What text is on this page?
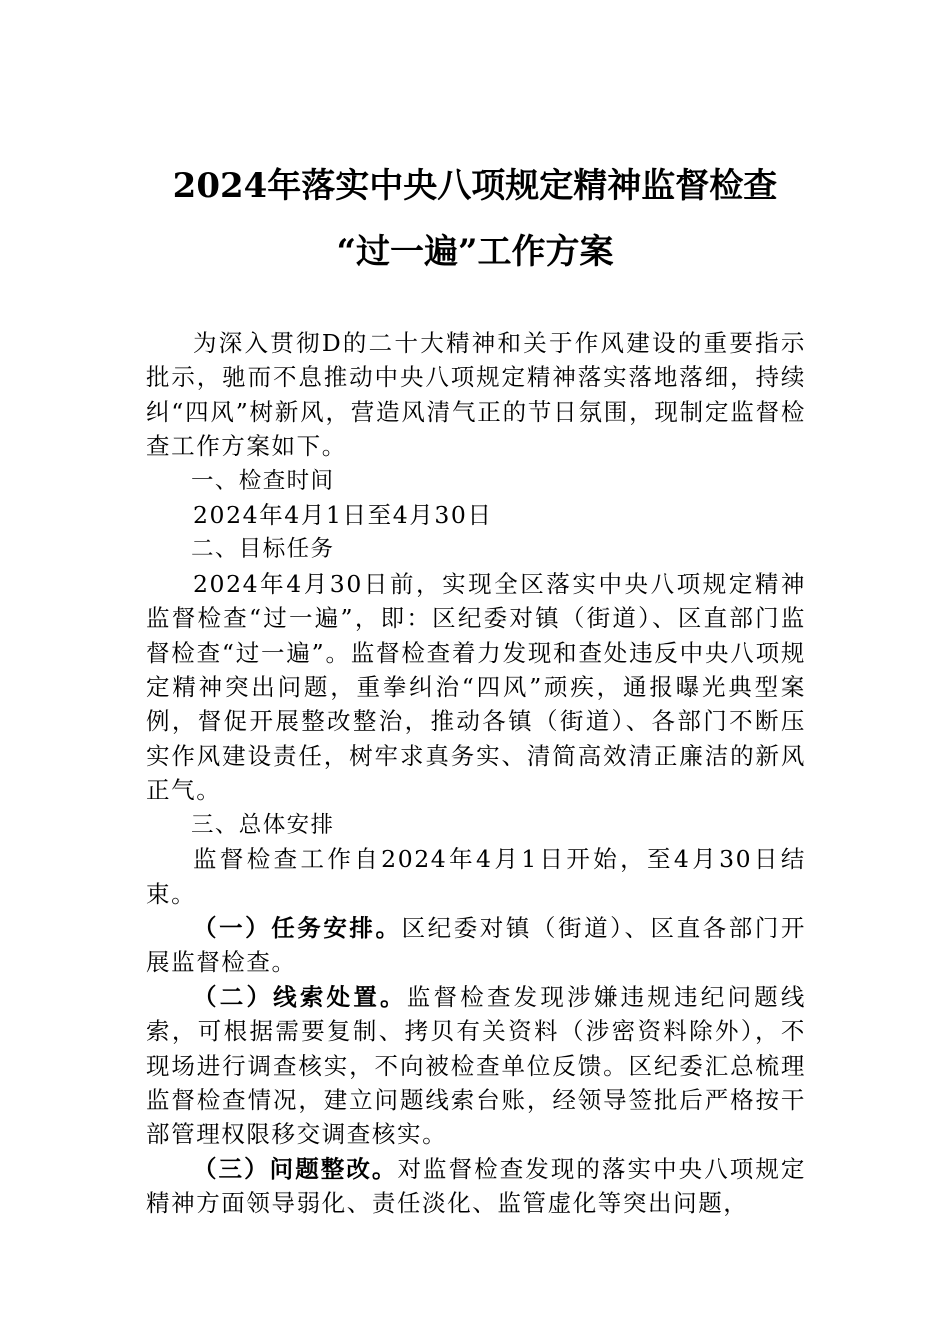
2024年落实中央八项规定精神监督检查
“过一遍”工作方案

为深入贯彻D的二十大精神和关于作风建设的重要指示批示，驰而不息推动中央八项规定精神落实落地落细，持续纠“四风”树新风，营造风清气正的节日氛围，现制定监督检查工作方案如下。

一、检查时间

2024年4月1日至4月30日

二、目标任务

2024年4月30日前，实现全区落实中央八项规定精神监督检查“过一遍”，即：区纪委对镇（街道）、区直部门监督检查“过一遍”。监督检查着力发现和查处违反中央八项规定精神突出问题，重拳纠治“四风”顽疾，通报曝光典型案例，督促开展整改整治，推动各镇（街道）、各部门不断压实作风建设责任，树牢求真务实、清简高效清正廉洁的新风正气。

三、总体安排

监督检查工作自2024年4月1日开始，至4月30日结束。

（一）任务安排。区纪委对镇（街道）、区直各部门开展监督检查。

（二）线索处置。监督检查发现涉嫌违规违纪问题线索，可根据需要复制、拷贝有关资料（涉密资料除外），不现场进行调查核实，不向被检查单位反馈。区纪委汇总梳理监督检查情况，建立问题线索台账，经领导签批后严格按干部管理权限移交调查核实。

（三）问题整改。对监督检查发现的落实中央八项规定精神方面领导弱化、责任淡化、监管虚化等突出问题，
